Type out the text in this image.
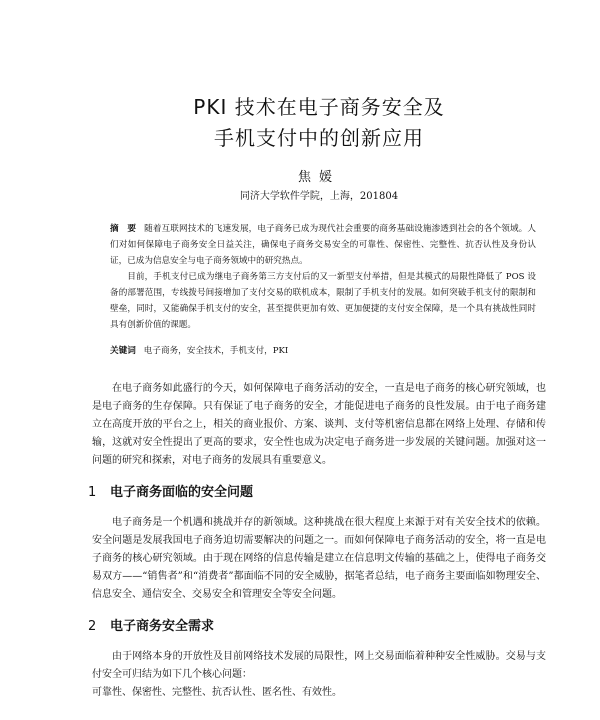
PKI 技术在电子商务安全及
手机支付中的创新应用
焦媛
同济大学软件学院，上海，201804

摘　要 随着互联网技术的飞速发展，电子商务已成为现代社会重要的商务基础设施渗透到社会的各个领域。人们对如何保障电子商务安全日益关注，确保电子商务交易安全的可靠性、保密性、完整性、抗否认性及身份认证，已成为信息安全与电子商务领域中的研究热点。

目前，手机支付已成为继电子商务第三方支付后的又一新型支付举措，但是其模式的局限性降低了 POS 设备的部署范围，专线拨号间接增加了支付交易的联机成本，限制了手机支付的发展。如何突破手机支付的限制和壁垒，同时，又能确保手机支付的安全，甚至提供更加有效、更加便捷的支付安全保障，是一个具有挑战性同时具有创新价值的课题。

关键词 电子商务，安全技术，手机支付，PKI

在电子商务如此盛行的今天，如何保障电子商务活动的安全，一直是电子商务的核心研究领域，也是电子商务的生存保障。只有保证了电子商务的安全，才能促进电子商务的良性发展。由于电子商务建立在高度开放的平台之上，相关的商业报价、方案、谈判、支付等机密信息都在网络上处理、存储和传输，这就对安全性提出了更高的要求，安全性也成为决定电子商务进一步发展的关键问题。加强对这一问题的研究和探索，对电子商务的发展具有重要意义。

1 电子商务面临的安全问题

电子商务是一个机遇和挑战并存的新领域。这种挑战在很大程度上来源于对有关安全技术的依赖。安全问题是发展我国电子商务迫切需要解决的问题之一。而如何保障电子商务活动的安全，将一直是电子商务的核心研究领域。由于现在网络的信息传输是建立在信息明文传输的基础之上，使得电子商务交易双方——“销售者”和“消费者”都面临不同的安全威胁，据笔者总结，电子商务主要面临如物理安全、信息安全、通信安全、交易安全和管理安全等安全问题。

2 电子商务安全需求

由于网络本身的开放性及目前网络技术发展的局限性，网上交易面临着种种安全性威胁。交易与支付安全可归结为如下几个核心问题：

可靠性、保密性、完整性、抗否认性、匿名性、有效性。
